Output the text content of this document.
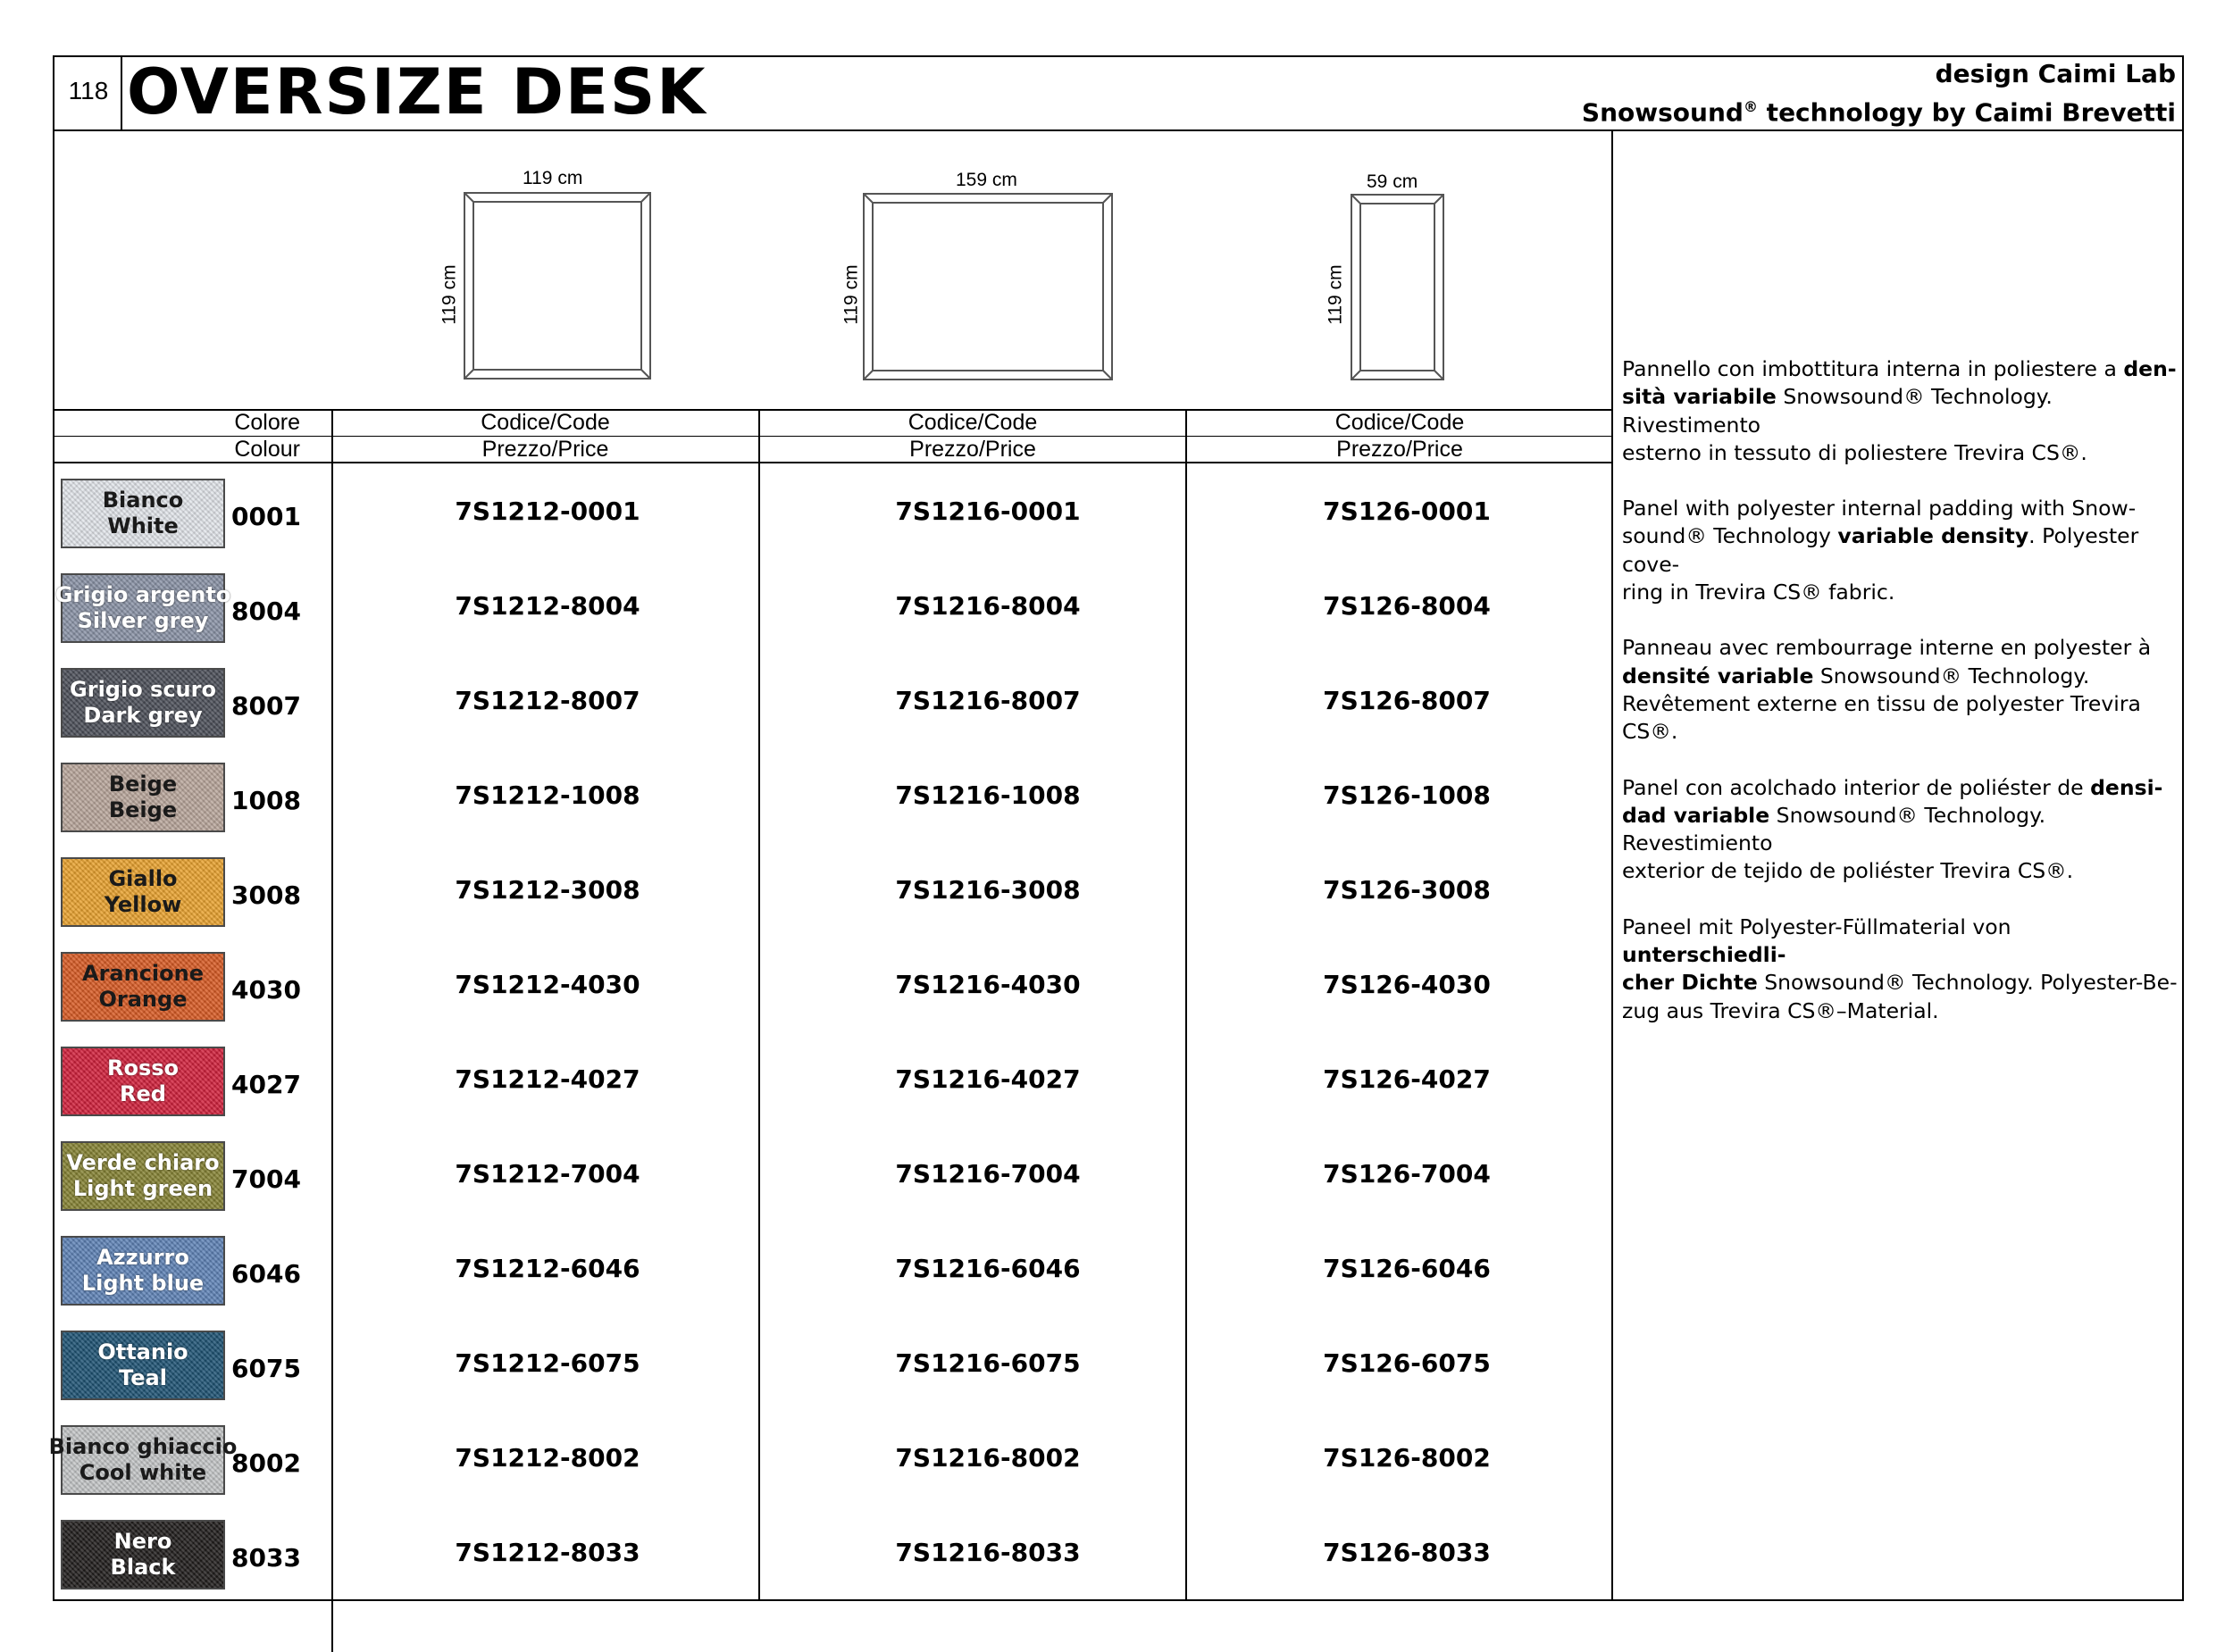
118 OVERSIZE DESK	design Caimi Lab
Snowsound® technology by Caimi Brevetti
119 cm
119 cm
159 cm
119 cm
59 cm
119 cm
Colore
Colour
Codice/Code
Prezzo/Price
Codice/Code
Prezzo/Price
Codice/Code
Prezzo/Price
Bianco
White 0001	7S1212-0001	7S1216-0001	7S126-0001
Grigio argento
Silver grey 8004	7S1212-8004	7S1216-8004	7S126-8004
Grigio scuro
Dark grey 8007	7S1212-8007	7S1216-8007	7S126-8007
Beige
Beige 1008	7S1212-1008	7S1216-1008	7S126-1008
Giallo
Yellow 3008	7S1212-3008	7S1216-3008	7S126-3008
Arancione
Orange 4030	7S1212-4030	7S1216-4030	7S126-4030
Rosso
Red	4027	7S1212-4027	7S1216-4027	7S126-4027
Verde chiaro
Light green 7004	7S1212-7004	7S1216-7004	7S126-7004
Azzurro
Light blue 6046	7S1212-6046	7S1216-6046	7S126-6046
Ottanio
Teal	6075	7S1212-6075	7S1216-6075	7S126-6075
Bianco ghiaccio
Cool white 8002	7S1212-8002	7S1216-8002	7S126-8002
Nero
Black 8033	7S1212-8033	7S1216-8033	7S126-8033

Pannello con imbottitura interna in poliestere a den-
sità variabile Snowsound® Technology. Rivestimento
esterno in tessuto di poliestere Trevira CS®.

Panel with polyester internal padding with Snow-
sound® Technology variable density. Polyester cove-
ring in Trevira CS® fabric.

Panneau avec rembourrage interne en polyester à
densité variable Snowsound® Technology.
Revêtement externe en tissu de polyester Trevira CS®.

Panel con acolchado interior de poliéster de densi-
dad variable Snowsound® Technology. Revestimiento
exterior de tejido de poliéster Trevira CS®.

Paneel mit Polyester-Füllmaterial von unterschiedli-
cher Dichte Snowsound® Technology. Polyester-Be-
zug aus Trevira CS®–Material.
